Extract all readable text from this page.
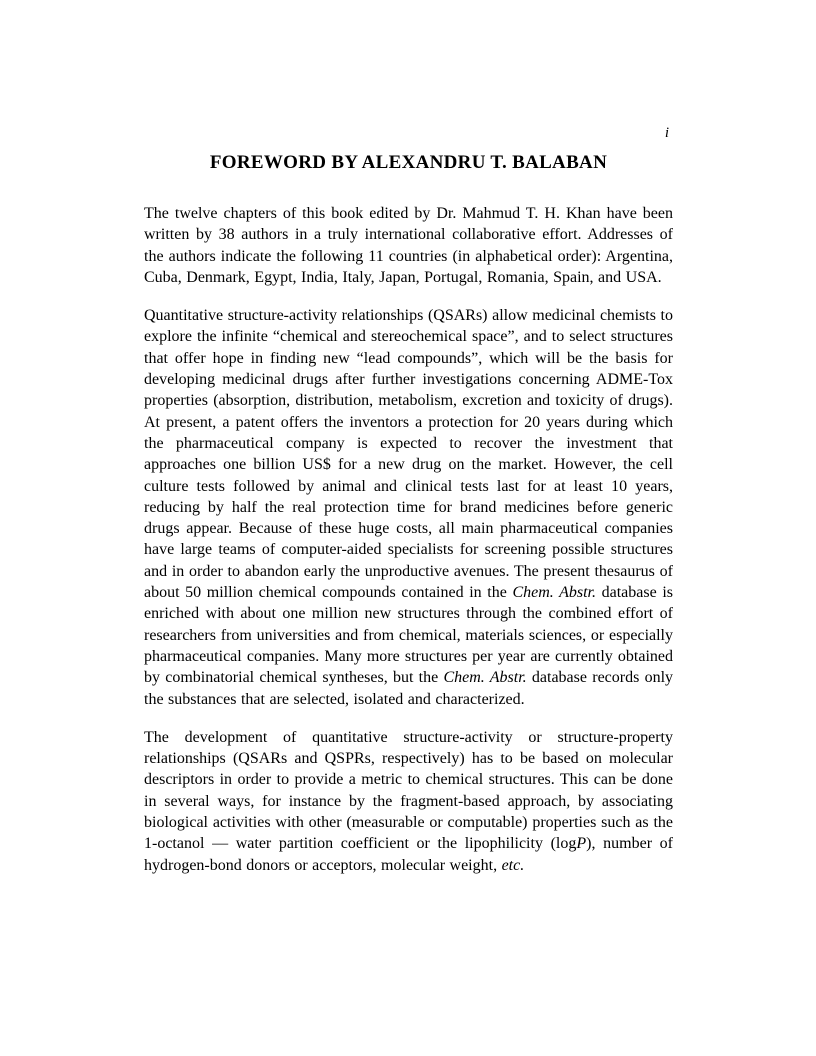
i
FOREWORD BY ALEXANDRU T. BALABAN

The twelve chapters of this book edited by Dr. Mahmud T. H. Khan have been written by 38 authors in a truly international collaborative effort. Addresses of the authors indicate the following 11 countries (in alphabetical order): Argentina, Cuba, Denmark, Egypt, India, Italy, Japan, Portugal, Romania, Spain, and USA.

Quantitative structure-activity relationships (QSARs) allow medicinal chemists to explore the infinite “chemical and stereochemical space”, and to select structures that offer hope in finding new “lead compounds”, which will be the basis for developing medicinal drugs after further investigations concerning ADME-Tox properties (absorption, distribution, metabolism, excretion and toxicity of drugs). At present, a patent offers the inventors a protection for 20 years during which the pharmaceutical company is expected to recover the investment that approaches one billion US$ for a new drug on the market. However, the cell culture tests followed by animal and clinical tests last for at least 10 years, reducing by half the real protection time for brand medicines before generic drugs appear. Because of these huge costs, all main pharmaceutical companies have large teams of computer-aided specialists for screening possible structures and in order to abandon early the unproductive avenues. The present thesaurus of about 50 million chemical compounds contained in the Chem. Abstr. database is enriched with about one million new structures through the combined effort of researchers from universities and from chemical, materials sciences, or especially pharmaceutical companies. Many more structures per year are currently obtained by combinatorial chemical syntheses, but the Chem. Abstr. database records only the substances that are selected, isolated and characterized.

The development of quantitative structure-activity or structure-property relationships (QSARs and QSPRs, respectively) has to be based on molecular descriptors in order to provide a metric to chemical structures. This can be done in several ways, for instance by the fragment-based approach, by associating biological activities with other (measurable or computable) properties such as the 1-octanol — water partition coefficient or the lipophilicity (logP), number of hydrogen-bond donors or acceptors, molecular weight, etc.
